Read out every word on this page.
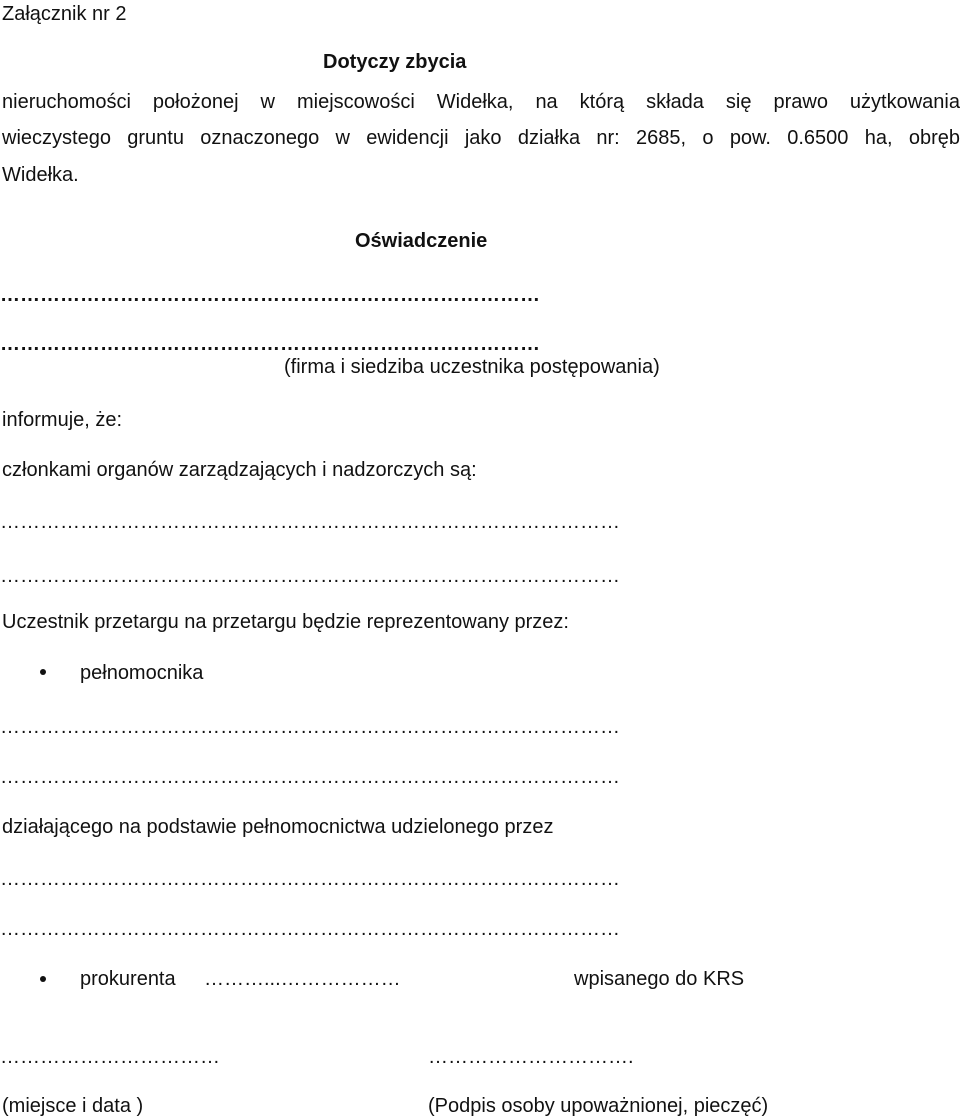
Załącznik nr 2
Dotyczy zbycia
nieruchomości położonej w miejscowości Widełka, na którą składa się prawo użytkowania
wieczystego gruntu oznaczonego w ewidencji jako działka nr: 2685, o pow. 0.6500 ha, obręb
Widełka.
Oświadczenie
………………………………………………………………………
………………………………………………………………………
(firma i siedziba uczestnika postępowania)
informuje, że:
członkami organów zarządzających i nadzorczych są:
…………………………………………………………………………………
…………………………………………………………………………………
Uczestnik przetargu na przetargu będzie reprezentowany przez:
pełnomocnika
…………………………………………………………………………………
…………………………………………………………………………………
działającego na podstawie pełnomocnictwa udzielonego przez
…………………………………………………………………………………
…………………………………………………………………………………
prokurenta ………...………………	wpisanego do KRS
……………………………	………………………….
(miejsce i data )	(Podpis osoby upoważnionej, pieczęć)
